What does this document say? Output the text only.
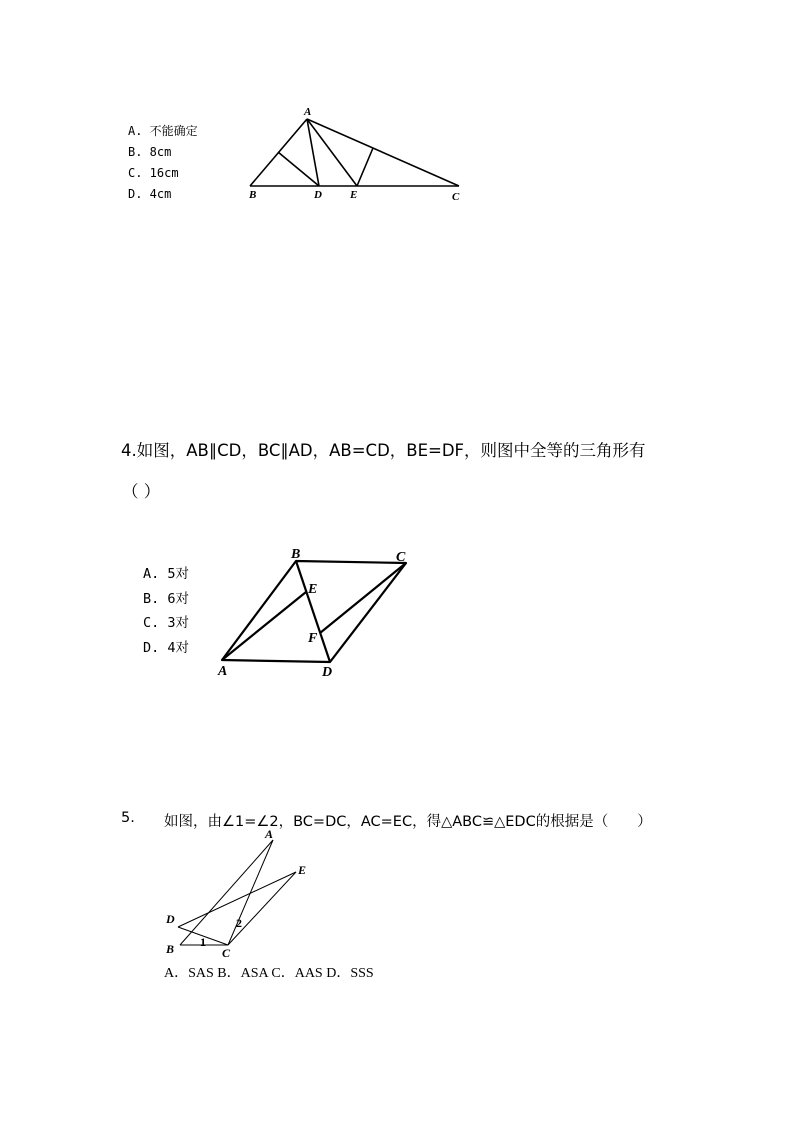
A. 不能确定
B. 8cm
C. 16cm
D. 4cm
A
B	D	E	C
4.如图，AB∥CD，BC∥AD，AB=CD，BE=DF，则图中全等的三角形有
（ ）
A. 5对
B. 6对
C. 3对
D. 4对
B	C
E
F
A	D
5. 如图，由∠1=∠2，BC=DC，AC=EC，得△ABC≌△EDC的根据是（　　）
A
E
D
B	C
1
2
A．SAS B．ASA C．AAS D．SSS
